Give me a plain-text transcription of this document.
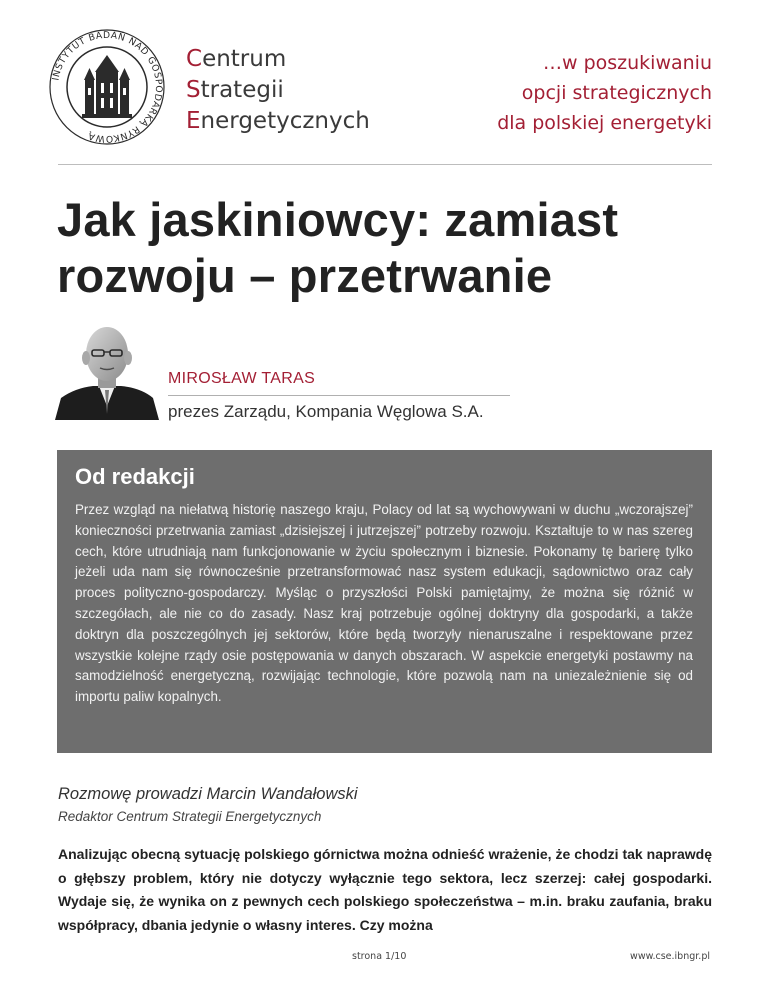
INSTYTUT BADAŃ NAD GOSPODARKĄ RYNKOWĄ
Centrum
Strategii
Energetycznych
…w poszukiwaniu
opcji strategicznych
dla polskiej energetyki
Jak jaskiniowcy: zamiast
rozwoju – przetrwanie
MIROSŁAW TARAS
prezes Zarządu, Kompania Węglowa S.A.
Od redakcji

Przez wzgląd na niełatwą historię naszego kraju, Polacy od lat są wychowywani w duchu „wczorajszej” konieczności przetrwania zamiast „dzisiejszej i jutrzejszej” potrzeby rozwoju. Kształtuje to w nas szereg cech, które utrudniają nam funkcjonowanie w życiu społecznym i biznesie. Pokonamy tę barierę tylko jeżeli uda nam się równocześnie przetransformować nasz system edukacji, sądownictwo oraz cały proces polityczno-gospodarczy. Myśląc o przyszłości Polski pamiętajmy, że można się różnić w szczegółach, ale nie co do zasady. Nasz kraj potrzebuje ogólnej doktryny dla gospodarki, a także doktryn dla poszczególnych jej sektorów, które będą tworzyły nienaruszalne i respektowane przez wszystkie kolejne rządy osie postępowania w danych obszarach. W aspekcie energetyki postawmy na samodzielność energetyczną, rozwijając technologie, które pozwolą nam na uniezależnienie się od importu paliw kopalnych.

Rozmowę prowadzi Marcin Wandałowski
Redaktor Centrum Strategii Energetycznych

Analizując obecną sytuację polskiego górnictwa można odnieść wrażenie, że chodzi tak naprawdę o głębszy problem, który nie dotyczy wyłącznie tego sektora, lecz szerzej: całej gospodarki. Wydaje się, że wynika on z pewnych cech polskiego społeczeństwa – m.in. braku zaufania, braku współpracy, dbania jedynie o własny interes. Czy można

strona 1/10	www.cse.ibngr.pl
